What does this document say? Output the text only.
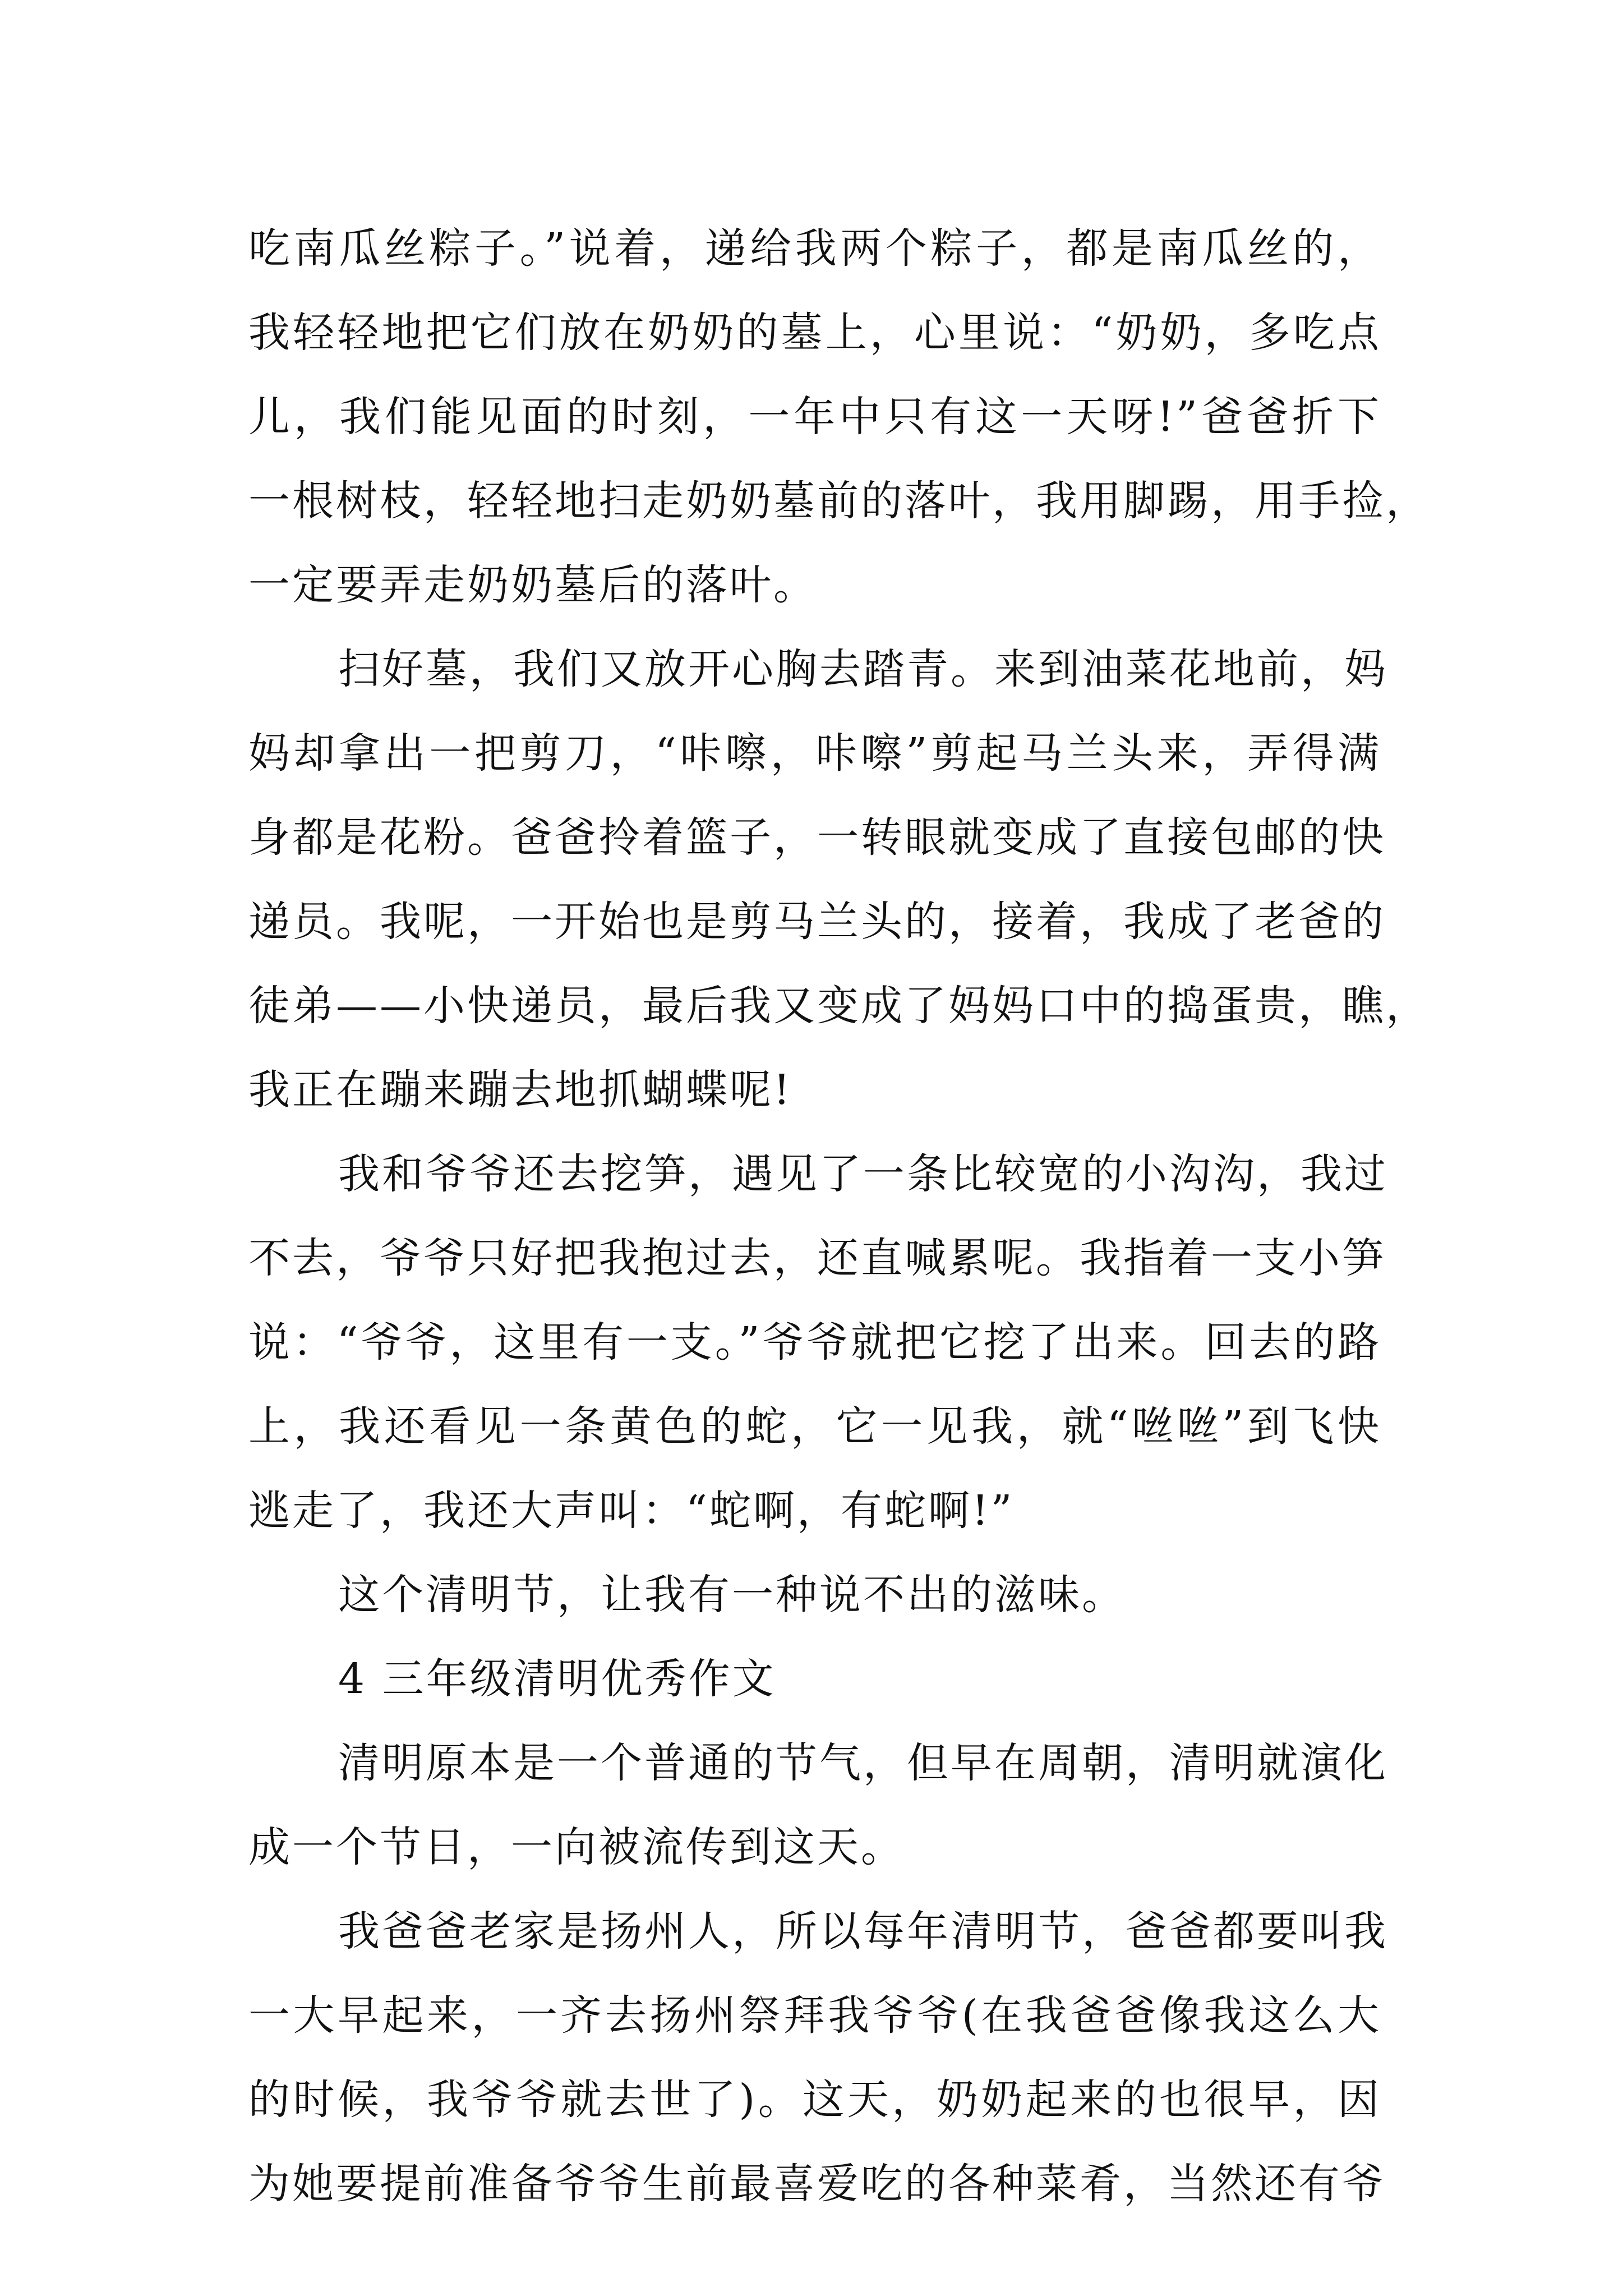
吃南瓜丝粽子。”说着，递给我两个粽子，都是南瓜丝的，

我轻轻地把它们放在奶奶的墓上，心里说：“奶奶，多吃点

儿，我们能见面的时刻，一年中只有这一天呀!”爸爸折下

一根树枝，轻轻地扫走奶奶墓前的落叶，我用脚踢，用手捡，

一定要弄走奶奶墓后的落叶。

扫好墓，我们又放开心胸去踏青。来到油菜花地前，妈

妈却拿出一把剪刀，“咔嚓，咔嚓”剪起马兰头来，弄得满

身都是花粉。爸爸拎着篮子，一转眼就变成了直接包邮的快

递员。我呢，一开始也是剪马兰头的，接着，我成了老爸的

徒弟——小快递员，最后我又变成了妈妈口中的捣蛋贵，瞧，

我正在蹦来蹦去地抓蝴蝶呢!

我和爷爷还去挖笋，遇见了一条比较宽的小沟沟，我过

不去，爷爷只好把我抱过去，还直喊累呢。我指着一支小笋

说：“爷爷，这里有一支。”爷爷就把它挖了出来。回去的路

上，我还看见一条黄色的蛇，它一见我，就“咝咝”到飞快

逃走了，我还大声叫：“蛇啊，有蛇啊!”

这个清明节，让我有一种说不出的滋味。

4 三年级清明优秀作文

清明原本是一个普通的节气，但早在周朝，清明就演化

成一个节日，一向被流传到这天。

我爸爸老家是扬州人，所以每年清明节，爸爸都要叫我

一大早起来，一齐去扬州祭拜我爷爷(在我爸爸像我这么大

的时候，我爷爷就去世了)。这天，奶奶起来的也很早，因

为她要提前准备爷爷生前最喜爱吃的各种菜肴，当然还有爷
